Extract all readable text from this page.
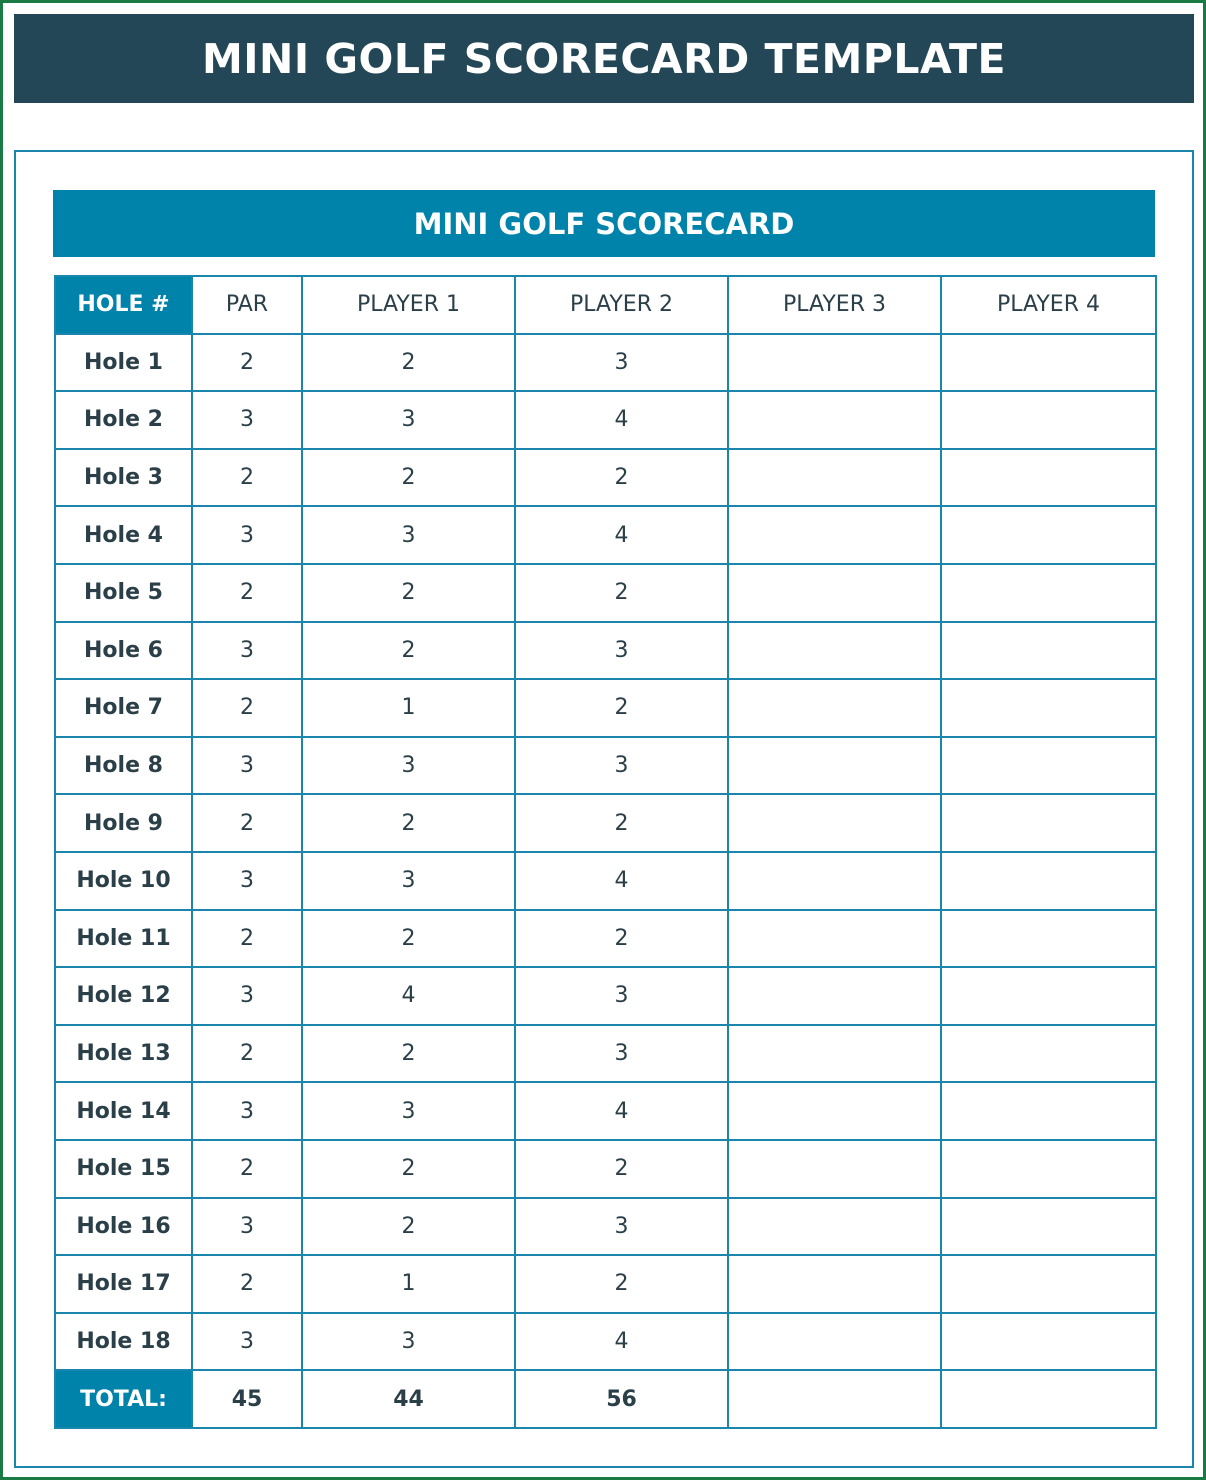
MINI GOLF SCORECARD TEMPLATE
MINI GOLF SCORECARD
HOLE #	PAR	PLAYER 1	PLAYER 2	PLAYER 3	PLAYER 4
Hole 1	2	2	3		
Hole 2	3	3	4		
Hole 3	2	2	2		
Hole 4	3	3	4		
Hole 5	2	2	2		
Hole 6	3	2	3		
Hole 7	2	1	2		
Hole 8	3	3	3		
Hole 9	2	2	2		
Hole 10	3	3	4		
Hole 11	2	2	2		
Hole 12	3	4	3		
Hole 13	2	2	3		
Hole 14	3	3	4		
Hole 15	2	2	2		
Hole 16	3	2	3		
Hole 17	2	1	2		
Hole 18	3	3	4		
TOTAL:	45	44	56		
